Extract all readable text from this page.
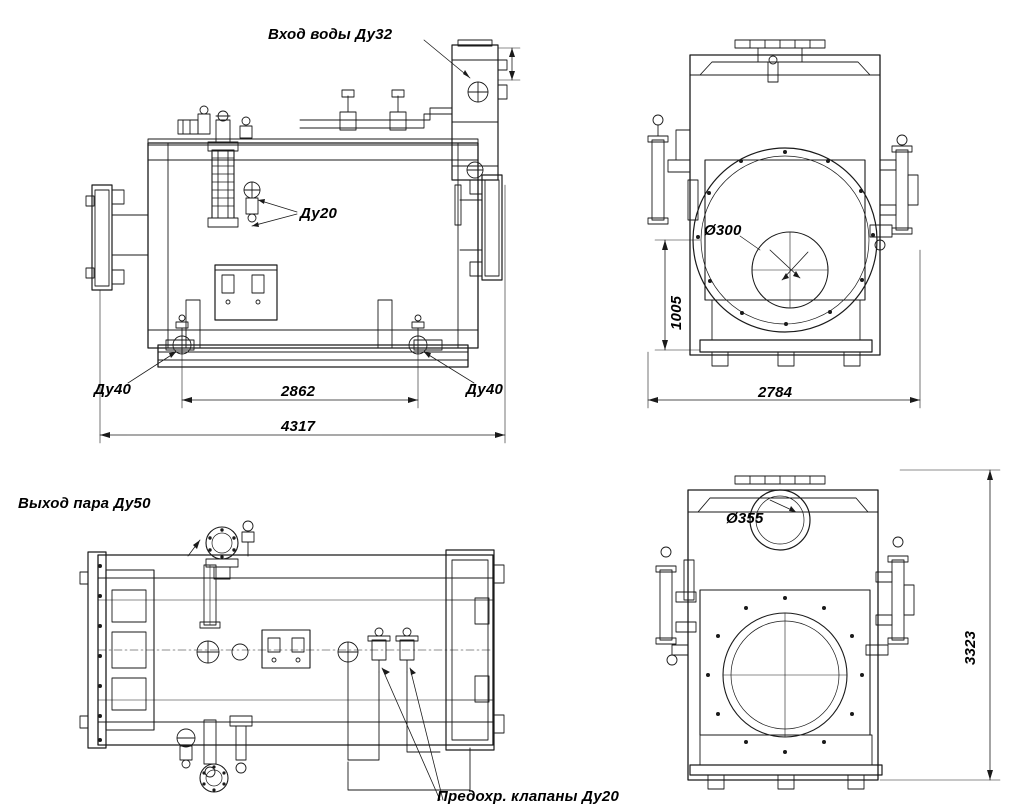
Вход воды Ду32
Ду20
Ду40	Ду40
2862
4317
Ø300
1005
2784
Выход пара Ду50
Ø355
3323
Предохр. клапаны Ду20
